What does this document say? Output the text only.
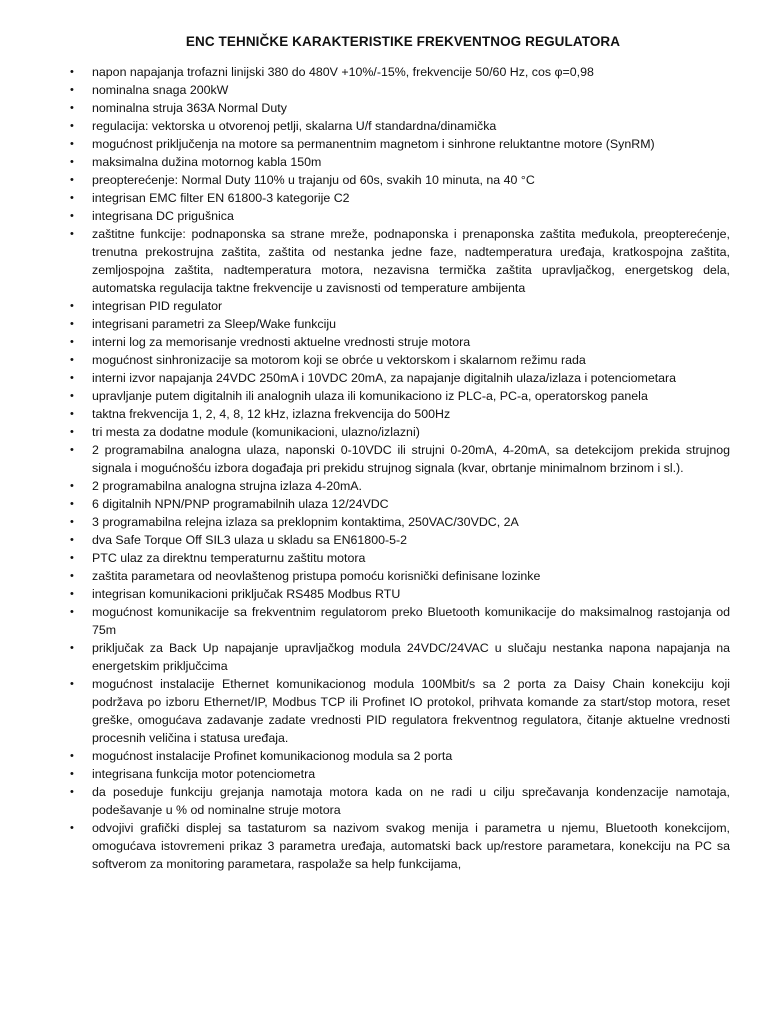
ENC TEHNIČKE KARAKTERISTIKE FREKVENTNOG REGULATORA
• napon napajanja trofazni linijski 380 do 480V +10%/-15%, frekvencije 50/60 Hz, cos φ=0,98
• nominalna snaga 200kW
• nominalna struja 363A Normal Duty
• regulacija: vektorska u otvorenoj petlji, skalarna U/f standardna/dinamička
• mogućnost priključenja na motore sa permanentnim magnetom i sinhrone reluktantne motore (SynRM)
• maksimalna dužina motornog kabla 150m
• preopterećenje: Normal Duty 110% u trajanju od 60s, svakih 10 minuta, na 40 °C
• integrisan EMC filter EN 61800-3 kategorije C2
• integrisana DC prigušnica
• zaštitne funkcije: podnaponska sa strane mreže, podnaponska i prenaponska zaštita međukola, preopterećenje, trenutna prekostrujna zaštita, zaštita od nestanka jedne faze, nadtemperatura uređaja, kratkospojna zaštita, zemljospojna zaštita, nadtemperatura motora, nezavisna termička zaštita upravljačkog, energetskog dela, automatska regulacija taktne frekvencije u zavisnosti od temperature ambijenta
• integrisan PID regulator
• integrisani parametri za Sleep/Wake funkciju
• interni log za memorisanje vrednosti aktuelne vrednosti struje motora
• mogućnost sinhronizacije sa motorom koji se obrće u vektorskom i skalarnom režimu rada
• interni izvor napajanja 24VDC 250mA i 10VDC 20mA, za napajanje digitalnih ulaza/izlaza i potenciometara
• upravljanje putem digitalnih ili analognih ulaza ili komunikaciono iz PLC-a, PC-a, operatorskog panela
• taktna frekvencija 1, 2, 4, 8, 12 kHz, izlazna frekvencija do 500Hz
• tri mesta za dodatne module (komunikacioni, ulazno/izlazni)
• 2 programabilna analogna ulaza, naponski 0-10VDC ili strujni 0-20mA, 4-20mA, sa detekcijom prekida strujnog signala i mogućnošću izbora događaja pri prekidu strujnog signala (kvar, obrtanje minimalnom brzinom i sl.).
• 2 programabilna analogna strujna izlaza 4-20mA.
• 6 digitalnih NPN/PNP programabilnih ulaza 12/24VDC
• 3 programabilna relejna izlaza sa preklopnim kontaktima, 250VAC/30VDC, 2A
• dva Safe Torque Off SIL3 ulaza u skladu sa EN61800-5-2
• PTC ulaz za direktnu temperaturnu zaštitu motora
• zaštita parametara od neovlaštenog pristupa pomoću korisnički definisane lozinke
• integrisan komunikacioni priključak RS485 Modbus RTU
• mogućnost komunikacije sa frekventnim regulatorom preko Bluetooth komunikacije do maksimalnog rastojanja od 75m
• priključak za Back Up napajanje upravljačkog modula 24VDC/24VAC u slučaju nestanka napona napajanja na energetskim priključcima
• mogućnost instalacije Ethernet komunikacionog modula 100Mbit/s sa 2 porta za Daisy Chain konekciju koji podržava po izboru Ethernet/IP, Modbus TCP ili Profinet IO protokol, prihvata komande za start/stop motora, reset greške, omogućava zadavanje zadate vrednosti PID regulatora frekventnog regulatora, čitanje aktuelne vrednosti procesnih veličina i statusa uređaja.
• mogućnost instalacije Profinet komunikacionog modula sa 2 porta
• integrisana funkcija motor potenciometra
• da poseduje funkciju grejanja namotaja motora kada on ne radi u cilju sprečavanja kondenzacije namotaja, podešavanje u % od nominalne struje motora
• odvojivi grafički displej sa tastaturom sa nazivom svakog menija i parametra u njemu, Bluetooth konekcijom, omogućava istovremeni prikaz 3 parametra uređaja, automatski back up/restore parametara, konekciju na PC sa softverom za monitoring parametara, raspolaže sa help funkcijama,
